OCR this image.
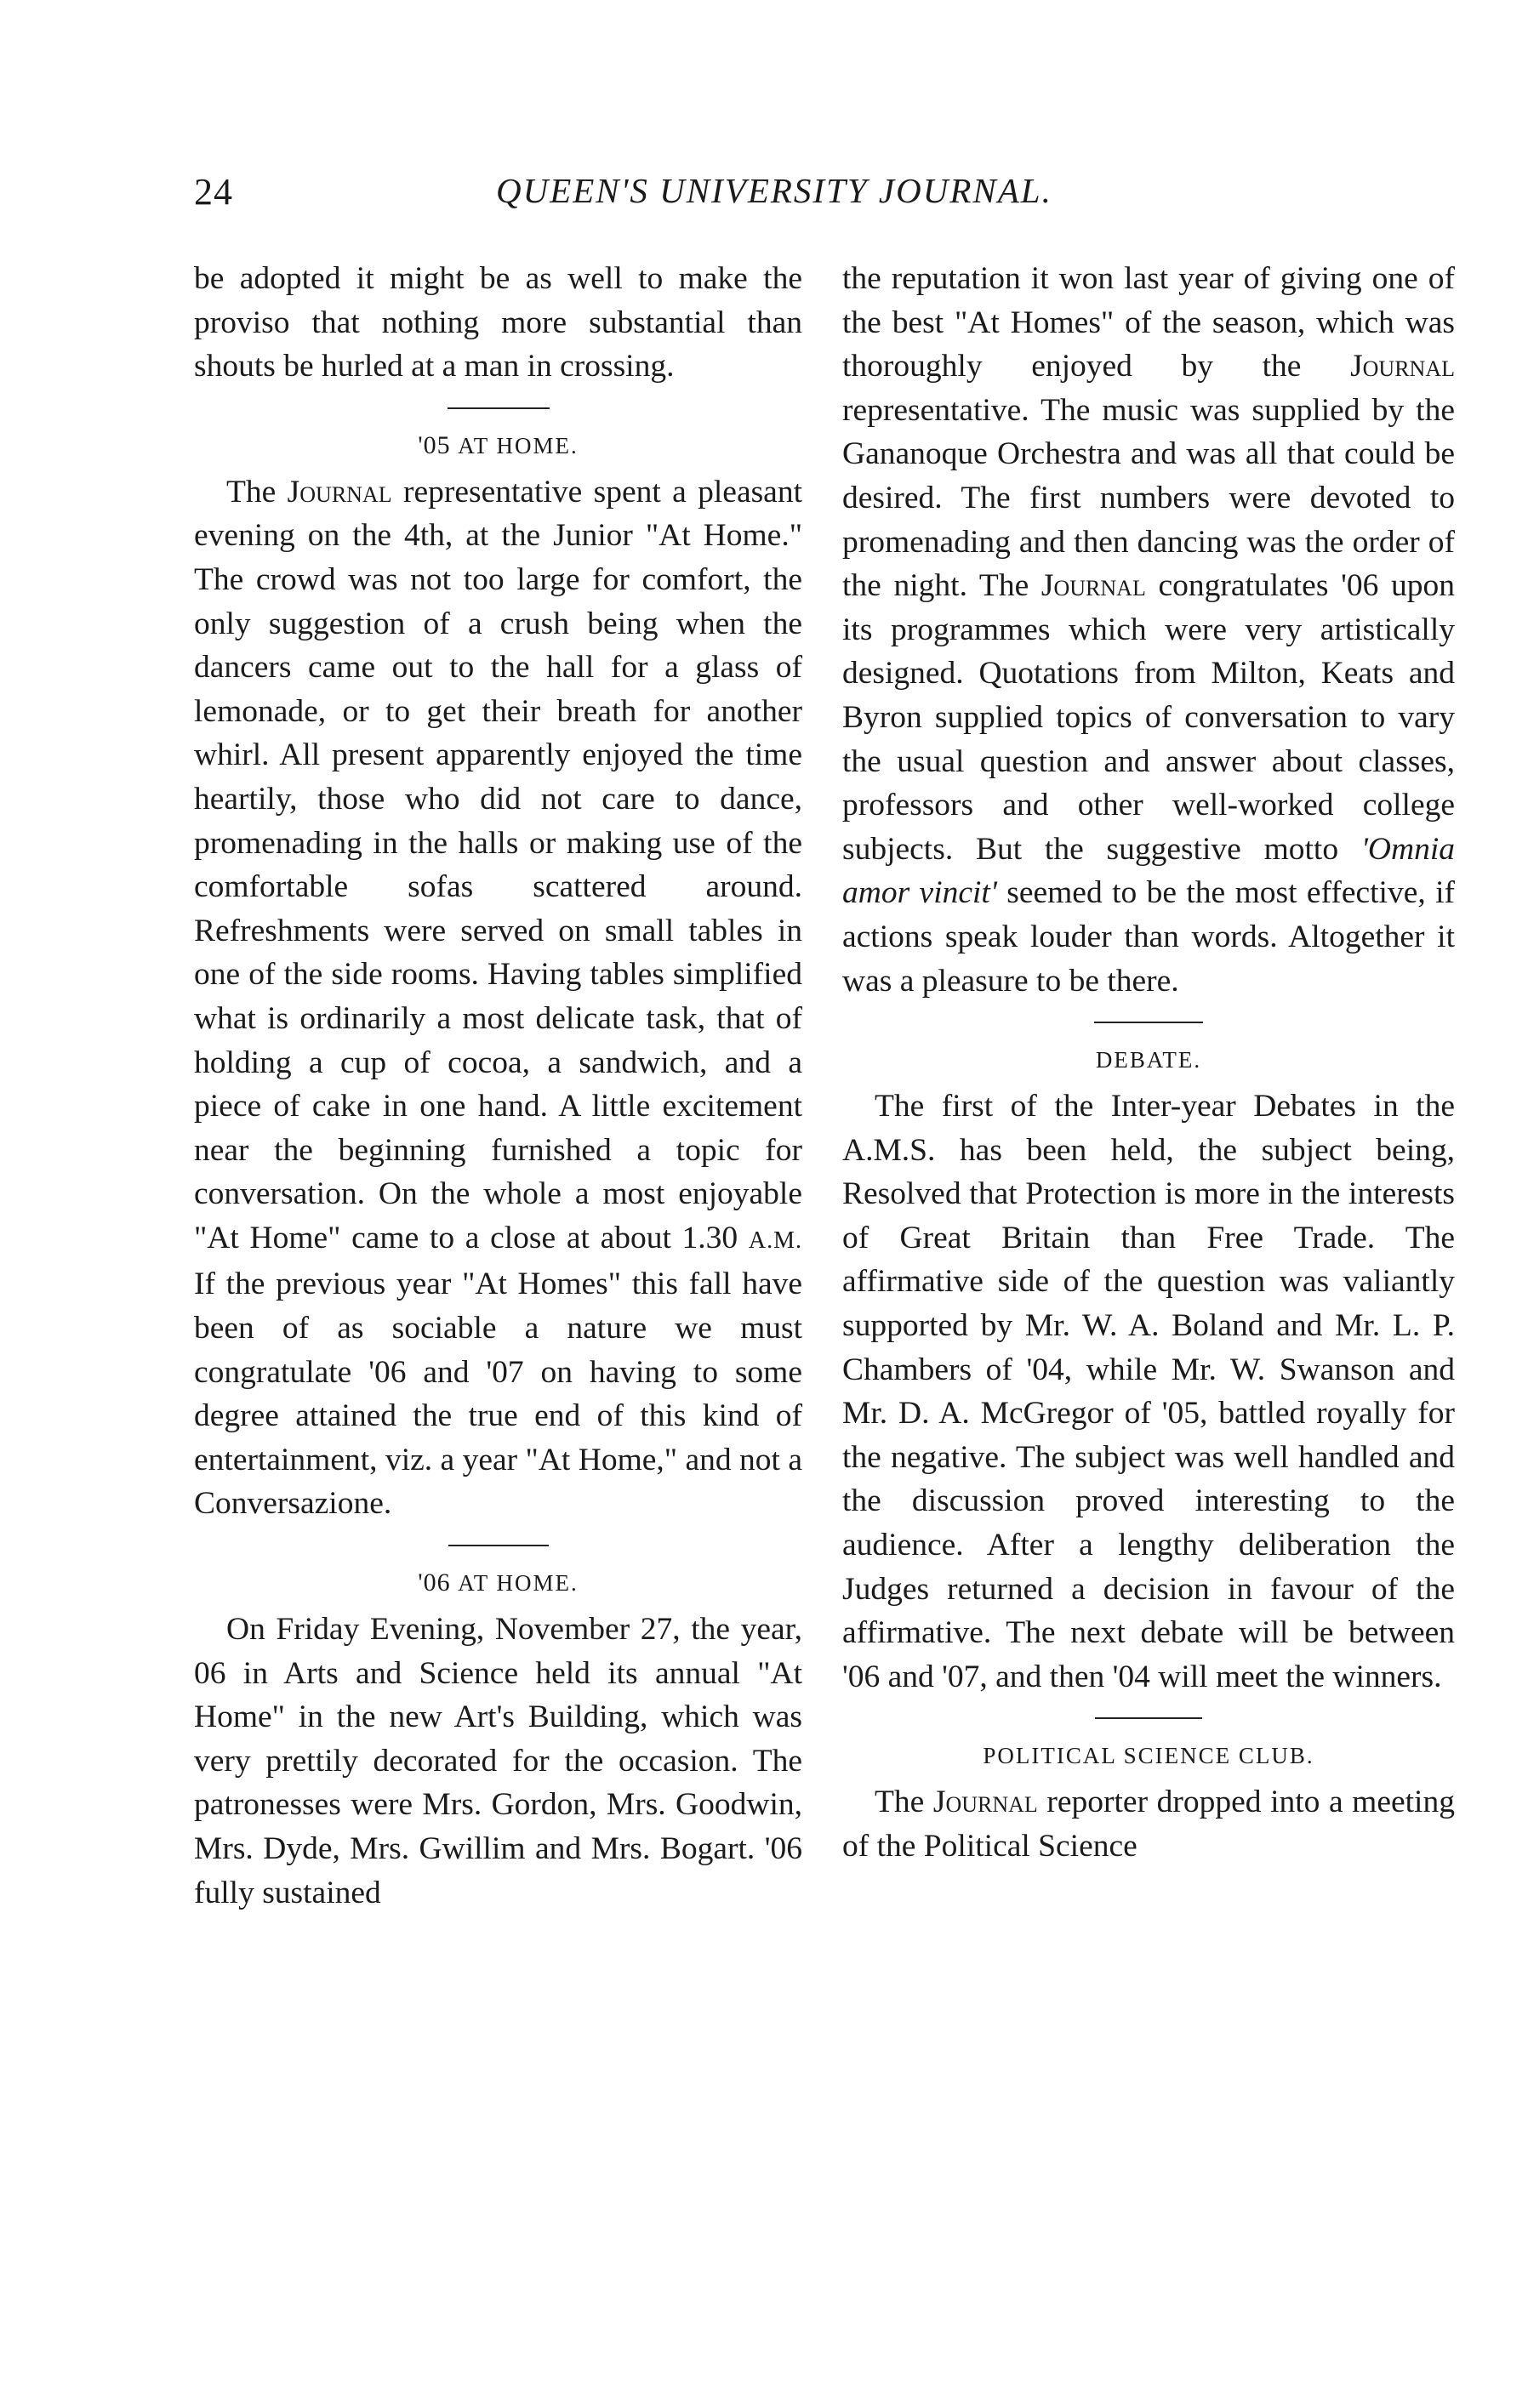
24	QUEEN'S UNIVERSITY JOURNAL.

be adopted it might be as well to make the proviso that nothing more substantial than shouts be hurled at a man in crossing.

'05 AT HOME.

The Journal representative spent a pleasant evening on the 4th, at the Junior "At Home." The crowd was not too large for comfort, the only suggestion of a crush being when the dancers came out to the hall for a glass of lemonade, or to get their breath for another whirl. All present apparently enjoyed the time heartily, those who did not care to dance, promenading in the halls or making use of the comfortable sofas scattered around. Refreshments were served on small tables in one of the side rooms. Having tables simplified what is ordinarily a most delicate task, that of holding a cup of cocoa, a sandwich, and a piece of cake in one hand. A little excitement near the beginning furnished a topic for conversation. On the whole a most enjoyable "At Home" came to a close at about 1.30 A.M. If the previous year "At Homes" this fall have been of as sociable a nature we must congratulate '06 and '07 on having to some degree attained the true end of this kind of entertainment, viz. a year "At Home," and not a Conversazione.

'06 AT HOME.

On Friday Evening, November 27, the year, 06 in Arts and Science held its annual "At Home" in the new Art's Building, which was very prettily decorated for the occasion. The patronesses were Mrs. Gordon, Mrs. Goodwin, Mrs. Dyde, Mrs. Gwillim and Mrs. Bogart. '06 fully sustained

the reputation it won last year of giving one of the best "At Homes" of the season, which was thoroughly enjoyed by the Journal representative. The music was supplied by the Gananoque Orchestra and was all that could be desired. The first numbers were devoted to promenading and then dancing was the order of the night. The Journal congratulates '06 upon its programmes which were very artistically designed. Quotations from Milton, Keats and Byron supplied topics of conversation to vary the usual question and answer about classes, professors and other well-worked college subjects. But the suggestive motto 'Omnia amor vincit' seemed to be the most effective, if actions speak louder than words. Altogether it was a pleasure to be there.

DEBATE.

The first of the Inter-year Debates in the A.M.S. has been held, the subject being, Resolved that Protection is more in the interests of Great Britain than Free Trade. The affirmative side of the question was valiantly supported by Mr. W. A. Boland and Mr. L. P. Chambers of '04, while Mr. W. Swanson and Mr. D. A. McGregor of '05, battled royally for the negative. The subject was well handled and the discussion proved interesting to the audience. After a lengthy deliberation the Judges returned a decision in favour of the affirmative. The next debate will be between '06 and '07, and then '04 will meet the winners.

POLITICAL SCIENCE CLUB.

The Journal reporter dropped into a meeting of the Political Science
